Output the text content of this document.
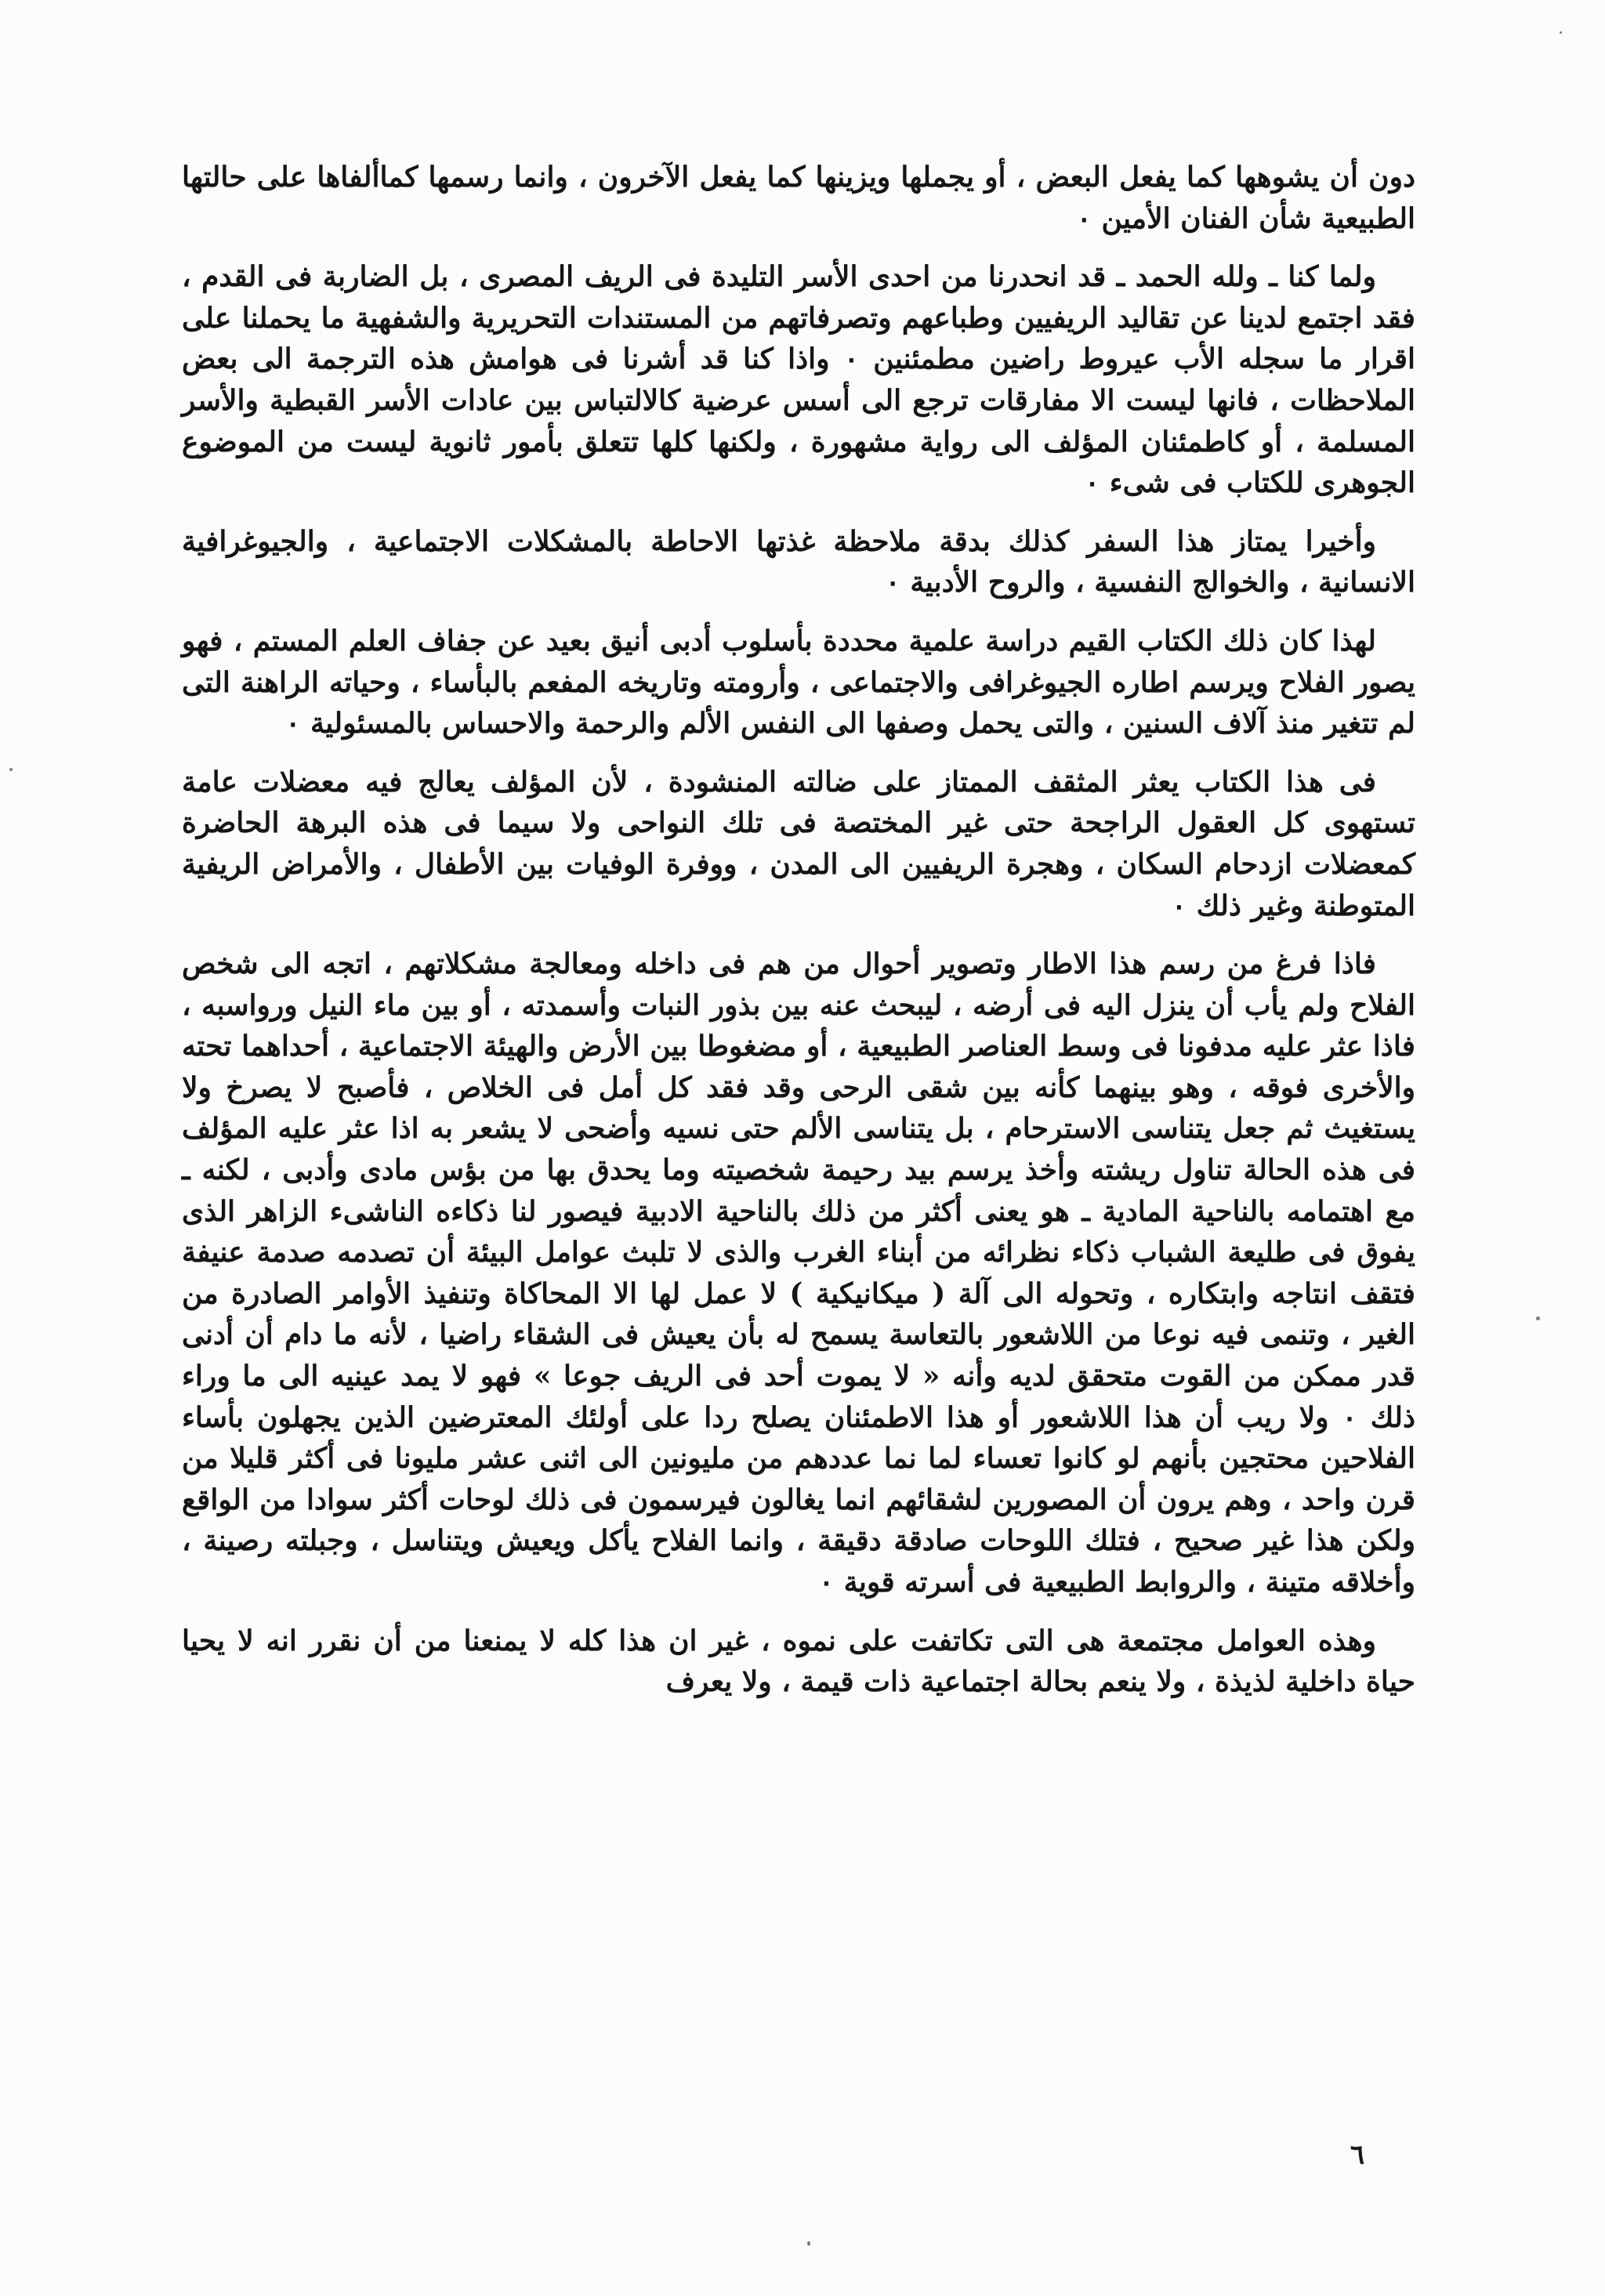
دون أن يشوهها كما يفعل البعض ، أو يجملها ويزينها كما يفعل الآخرون ، وانما رسمها كماألفاها على حالتها الطبيعية شأن الفنان الأمين ٠

ولما كنا ـ ولله الحمد ـ قد انحدرنا من احدى الأسر التليدة فى الريف المصرى ، بل الضاربة فى القدم ، فقد اجتمع لدينا عن تقاليد الريفيين وطباعهم وتصرفاتهم من المستندات التحريرية والشفهية ما يحملنا على اقرار ما سجله الأب عيروط راضين مطمئنين ٠ واذا كنا قد أشرنا فى هوامش هذه الترجمة الى بعض الملاحظات ، فانها ليست الا مفارقات ترجع الى أسس عرضية كالالتباس بين عادات الأسر القبطية والأسر المسلمة ، أو كاطمئنان المؤلف الى رواية مشهورة ، ولكنها كلها تتعلق بأمور ثانوية ليست من الموضوع الجوهرى للكتاب فى شىء ٠

وأخيرا يمتاز هذا السفر كذلك بدقة ملاحظة غذتها الاحاطة بالمشكلات الاجتماعية ، والجيوغرافية الانسانية ، والخوالج النفسية ، والروح الأدبية ٠

لهذا كان ذلك الكتاب القيم دراسة علمية محددة بأسلوب أدبى أنيق بعيد عن جفاف العلم المستم ، فهو يصور الفلاح ويرسم اطاره الجيوغرافى والاجتماعى ، وأرومته وتاريخه المفعم بالبأساء ، وحياته الراهنة التى لم تتغير منذ آلاف السنين ، والتى يحمل وصفها الى النفس الألم والرحمة والاحساس بالمسئولية ٠

فى هذا الكتاب يعثر المثقف الممتاز على ضالته المنشودة ، لأن المؤلف يعالج فيه معضلات عامة تستهوى كل العقول الراجحة حتى غير المختصة فى تلك النواحى ولا سيما فى هذه البرهة الحاضرة كمعضلات ازدحام السكان ، وهجرة الريفيين الى المدن ، ووفرة الوفيات بين الأطفال ، والأمراض الريفية المتوطنة وغير ذلك ٠

فاذا فرغ من رسم هذا الاطار وتصوير أحوال من هم فى داخله ومعالجة مشكلاتهم ، اتجه الى شخص الفلاح ولم يأب أن ينزل اليه فى أرضه ، ليبحث عنه بين بذور النبات وأسمدته ، أو بين ماء النيل ورواسبه ، فاذا عثر عليه مدفونا فى وسط العناصر الطبيعية ، أو مضغوطا بين الأرض والهيئة الاجتماعية ، أحداهما تحته والأخرى فوقه ، وهو بينهما كأنه بين شقى الرحى وقد فقد كل أمل فى الخلاص ، فأصبح لا يصرخ ولا يستغيث ثم جعل يتناسى الاسترحام ، بل يتناسى الألم حتى نسيه وأضحى لا يشعر به اذا عثر عليه المؤلف فى هذه الحالة تناول ريشته وأخذ يرسم بيد رحيمة شخصيته وما يحدق بها من بؤس مادى وأدبى ، لكنه ـ مع اهتمامه بالناحية المادية ـ هو يعنى أكثر من ذلك بالناحية الادبية فيصور لنا ذكاءه الناشىء الزاهر الذى يفوق فى طليعة الشباب ذكاء نظرائه من أبناء الغرب والذى لا تلبث عوامل البيئة أن تصدمه صدمة عنيفة فتقف انتاجه وابتكاره ، وتحوله الى آلة ( ميكانيكية ) لا عمل لها الا المحاكاة وتنفيذ الأوامر الصادرة من الغير ، وتنمى فيه نوعا من اللاشعور بالتعاسة يسمح له بأن يعيش فى الشقاء راضيا ، لأنه ما دام أن أدنى قدر ممكن من القوت متحقق لديه وأنه « لا يموت أحد فى الريف جوعا » فهو لا يمد عينيه الى ما وراء ذلك ٠ ولا ريب أن هذا اللاشعور أو هذا الاطمئنان يصلح ردا على أولئك المعترضين الذين يجهلون بأساء الفلاحين محتجين بأنهم لو كانوا تعساء لما نما عددهم من مليونين الى اثنى عشر مليونا فى أكثر قليلا من قرن واحد ، وهم يرون أن المصورين لشقائهم انما يغالون فيرسمون فى ذلك لوحات أكثر سوادا من الواقع ولكن هذا غير صحيح ، فتلك اللوحات صادقة دقيقة ، وانما الفلاح يأكل ويعيش ويتناسل ، وجبلته رصينة ، وأخلاقه متينة ، والروابط الطبيعية فى أسرته قوية ٠

وهذه العوامل مجتمعة هى التى تكاتفت على نموه ، غير ان هذا كله لا يمنعنا من أن نقرر انه لا يحيا حياة داخلية لذيذة ، ولا ينعم بحالة اجتماعية ذات قيمة ، ولا يعرف

٦
